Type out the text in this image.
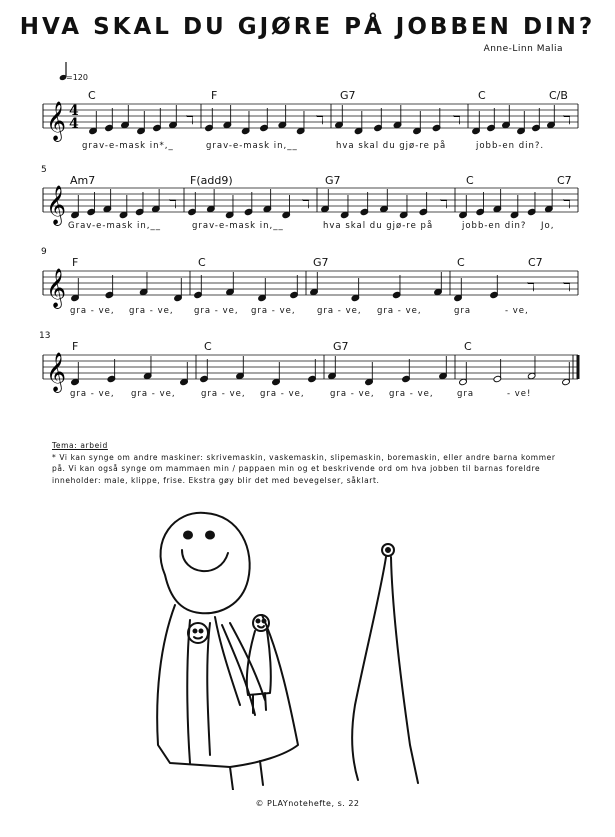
HVA SKAL DU GJØRE PÅ JOBBEN DIN?
Anne-Linn Malia
=120
𝄞	ℸ	ℸ	ℸ	ℸ
4
4
𝄞	ℸ	ℸ	ℸ	ℸ
𝄞	ℸ ℸ
𝄞
C	F	G7	C	C/B
grav-e-mask in*,_	grav-e-mask in,__	hva skal du gjø-re på	jobb-en din?.
5
Am7	F(add9)	G7	C	C7
Grav-e-mask in,__	grav-e-mask in,__	hva skal du gjø-re på	jobb-en din? Jo,
9
F	C	G7	C	C7
gra - ve, gra - ve, gra - ve, gra - ve,	gra - ve, gra - ve,	gra	- ve,
13
F	C	G7	C
gra - ve, gra - ve,	gra - ve, gra - ve,	gra - ve, gra - ve,	gra	- ve!
Tema: arbeid
* Vi kan synge om andre maskiner: skrivemaskin, vaskemaskin, slipemaskin, boremaskin, eller andre barna kommer på. Vi kan også synge om mammaen min / pappaen min og et beskrivende ord om hva jobben til barnas foreldre inneholder: male, klippe, frise. Ekstra gøy blir det med bevegelser, såklart.
© PLAYnotehefte, s. 22
